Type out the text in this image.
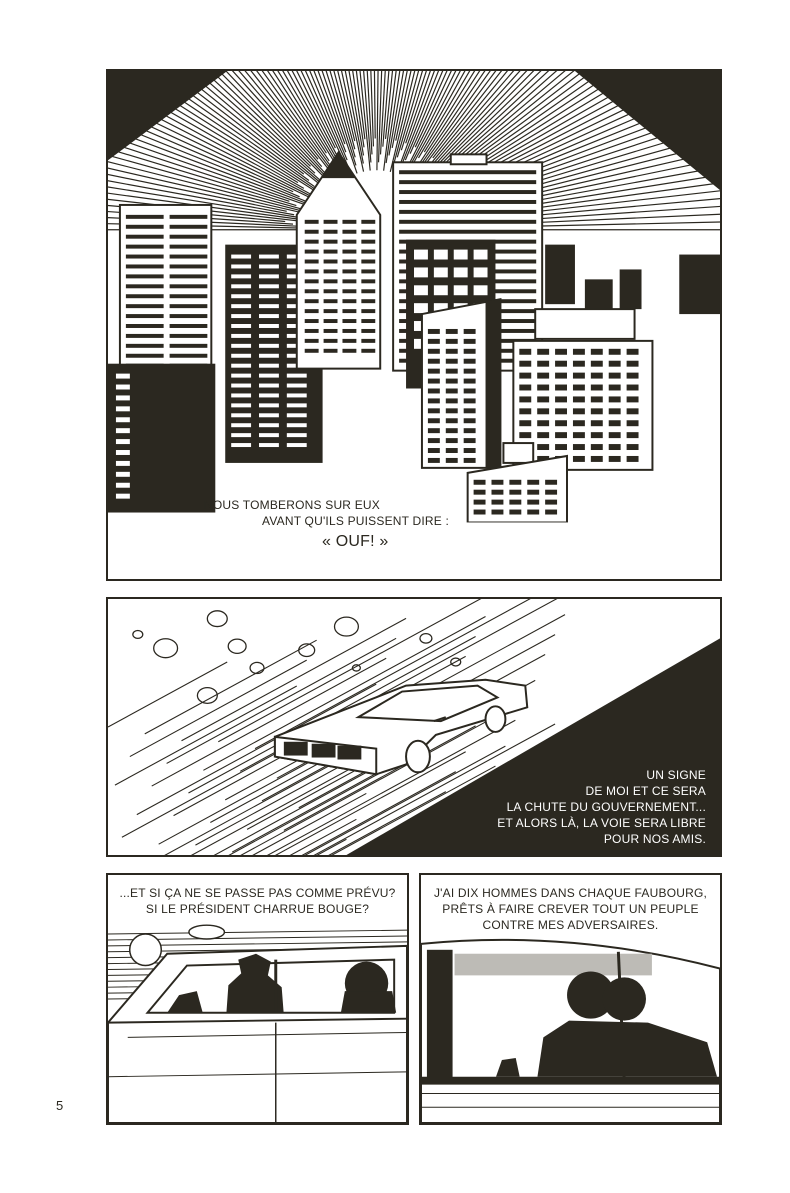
NOUS TOMBERONS SUR EUX
AVANT QU'ILS PUISSENT DIRE :
« OUF! »
UN SIGNE
DE MOI ET CE SERA
LA CHUTE DU GOUVERNEMENT...
ET ALORS LÀ, LA VOIE SERA LIBRE
POUR NOS AMIS.
...ET SI ÇA NE SE PASSE PAS COMME PRÉVU?
SI LE PRÉSIDENT CHARRUE BOUGE?
J'AI DIX HOMMES DANS CHAQUE FAUBOURG,
PRÊTS À FAIRE CREVER TOUT UN PEUPLE
CONTRE MES ADVERSAIRES.
5
